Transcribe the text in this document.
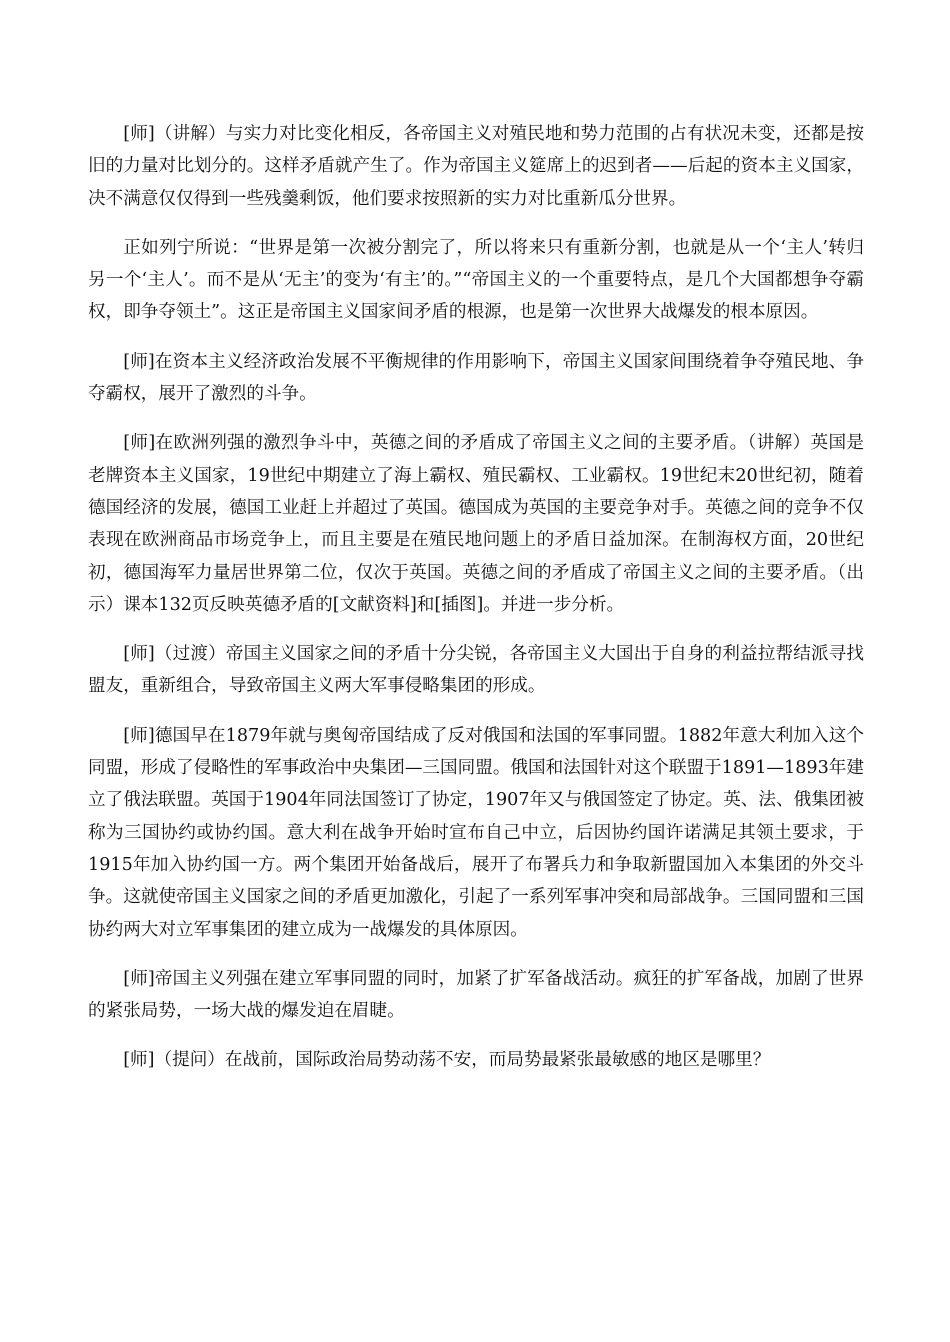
[师]（讲解）与实力对比变化相反，各帝国主义对殖民地和势力范围的占有状况未变，还都是按旧的力量对比划分的。这样矛盾就产生了。作为帝国主义筵席上的迟到者——后起的资本主义国家，决不满意仅仅得到一些残羹剩饭，他们要求按照新的实力对比重新瓜分世界。

正如列宁所说：“世界是第一次被分割完了，所以将来只有重新分割，也就是从一个‘主人’转归另一个‘主人’。而不是从‘无主’的变为‘有主’的。”“帝国主义的一个重要特点，是几个大国都想争夺霸权，即争夺领土”。这正是帝国主义国家间矛盾的根源，也是第一次世界大战爆发的根本原因。

[师]在资本主义经济政治发展不平衡规律的作用影响下，帝国主义国家间围绕着争夺殖民地、争夺霸权，展开了激烈的斗争。

[师]在欧洲列强的激烈争斗中，英德之间的矛盾成了帝国主义之间的主要矛盾。（讲解）英国是老牌资本主义国家，19世纪中期建立了海上霸权、殖民霸权、工业霸权。19世纪末20世纪初，随着德国经济的发展，德国工业赶上并超过了英国。德国成为英国的主要竞争对手。英德之间的竞争不仅表现在欧洲商品市场竞争上，而且主要是在殖民地问题上的矛盾日益加深。在制海权方面，20世纪初，德国海军力量居世界第二位，仅次于英国。英德之间的矛盾成了帝国主义之间的主要矛盾。（出示）课本132页反映英德矛盾的[文献资料]和[插图]。并进一步分析。

[师]（过渡）帝国主义国家之间的矛盾十分尖锐，各帝国主义大国出于自身的利益拉帮结派寻找盟友，重新组合，导致帝国主义两大军事侵略集团的形成。

[师]德国早在1879年就与奥匈帝国结成了反对俄国和法国的军事同盟。1882年意大利加入这个同盟，形成了侵略性的军事政治中央集团—三国同盟。俄国和法国针对这个联盟于1891—1893年建立了俄法联盟。英国于1904年同法国签订了协定，1907年又与俄国签定了协定。英、法、俄集团被称为三国协约或协约国。意大利在战争开始时宣布自己中立，后因协约国许诺满足其领土要求，于1915年加入协约国一方。两个集团开始备战后，展开了布署兵力和争取新盟国加入本集团的外交斗争。这就使帝国主义国家之间的矛盾更加激化，引起了一系列军事冲突和局部战争。三国同盟和三国协约两大对立军事集团的建立成为一战爆发的具体原因。

[师]帝国主义列强在建立军事同盟的同时，加紧了扩军备战活动。疯狂的扩军备战，加剧了世界的紧张局势，一场大战的爆发迫在眉睫。

[师]（提问）在战前，国际政治局势动荡不安，而局势最紧张最敏感的地区是哪里？
